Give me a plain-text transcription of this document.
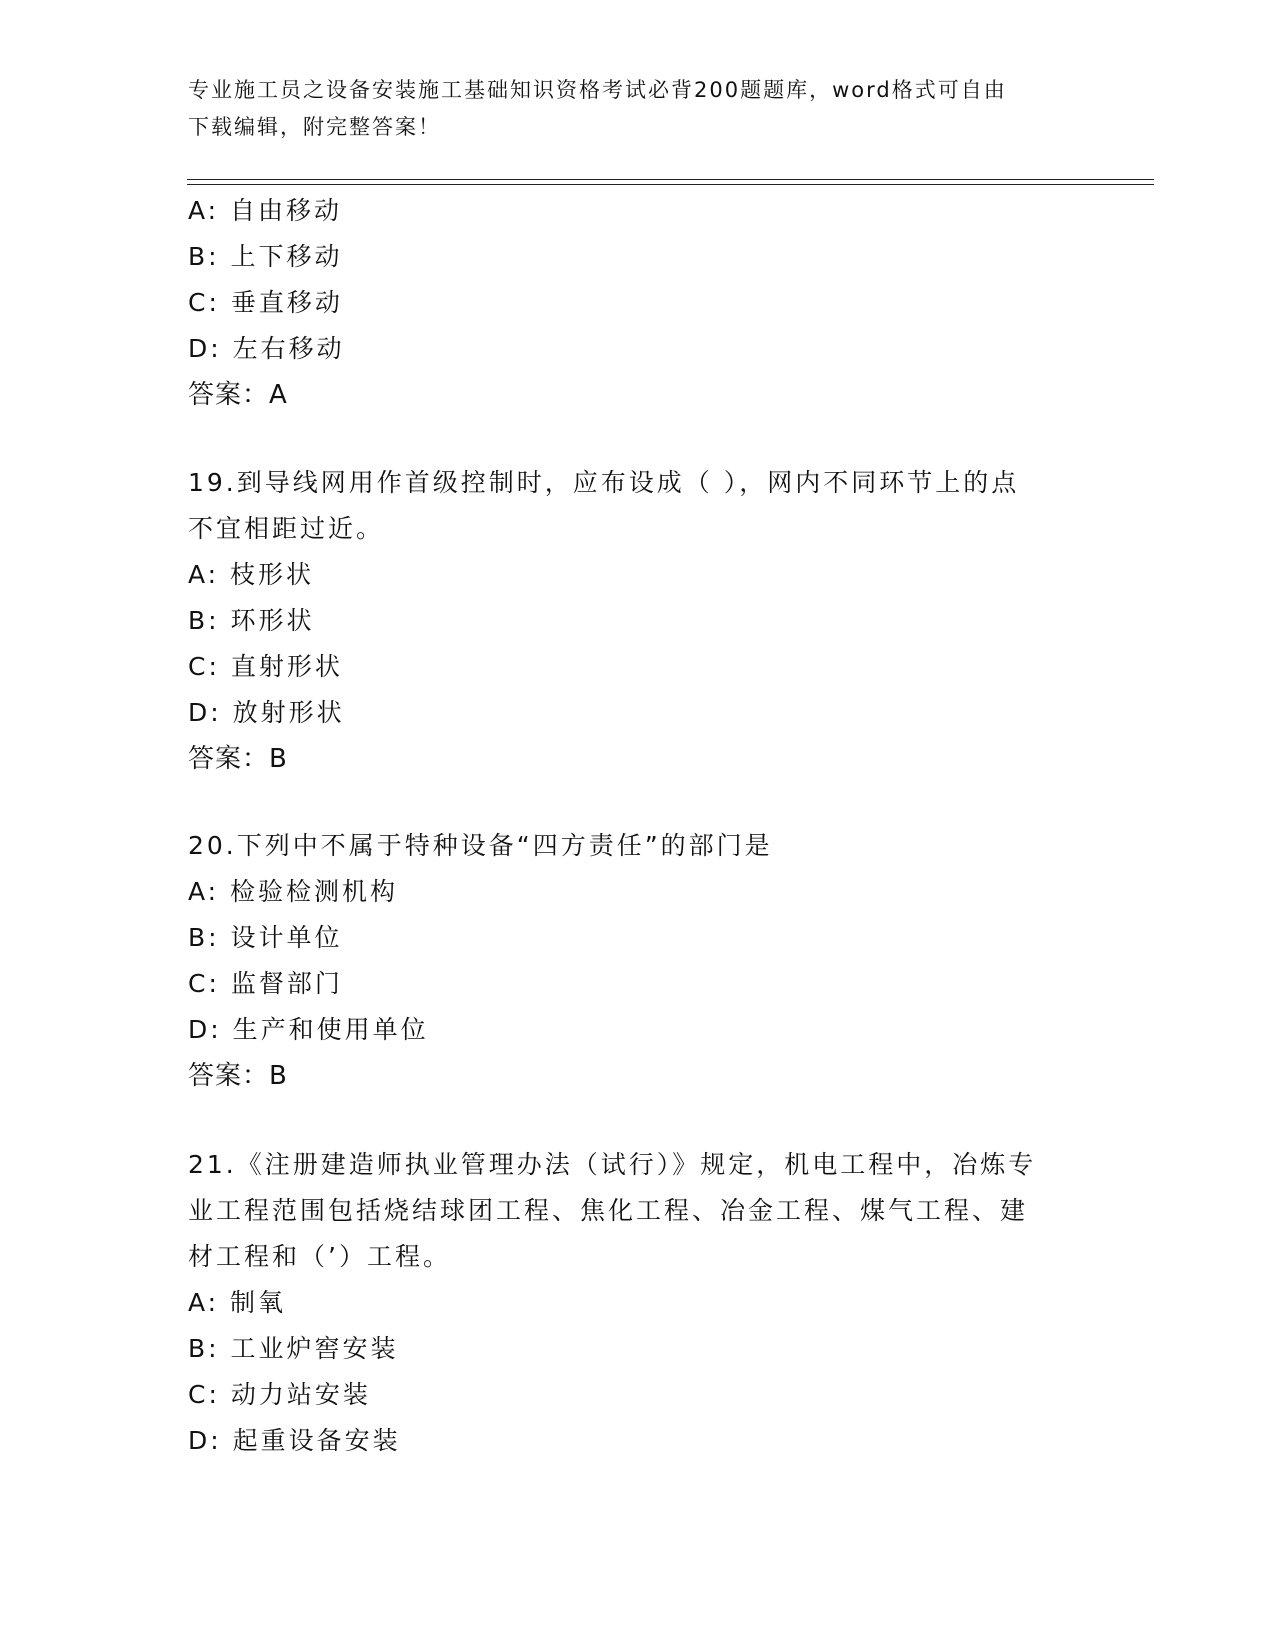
专业施工员之设备安装施工基础知识资格考试必背200题题库，word格式可自由
下载编辑，附完整答案！
A: 自由移动
B: 上下移动
C: 垂直移动
D: 左右移动
答案：A
19.到导线网用作首级控制时，应布设成（ ），网内不同环节上的点
不宜相距过近。
A: 枝形状
B: 环形状
C: 直射形状
D: 放射形状
答案：B
20.下列中不属于特种设备“四方责任”的部门是
A: 检验检测机构
B: 设计单位
C: 监督部门
D: 生产和使用单位
答案：B
21.《注册建造师执业管理办法（试行）》规定，机电工程中，冶炼专
业工程范围包括烧结球团工程、焦化工程、冶金工程、煤气工程、建
材工程和（’）工程。
A: 制氧
B: 工业炉窖安装
C: 动力站安装
D: 起重设备安装
